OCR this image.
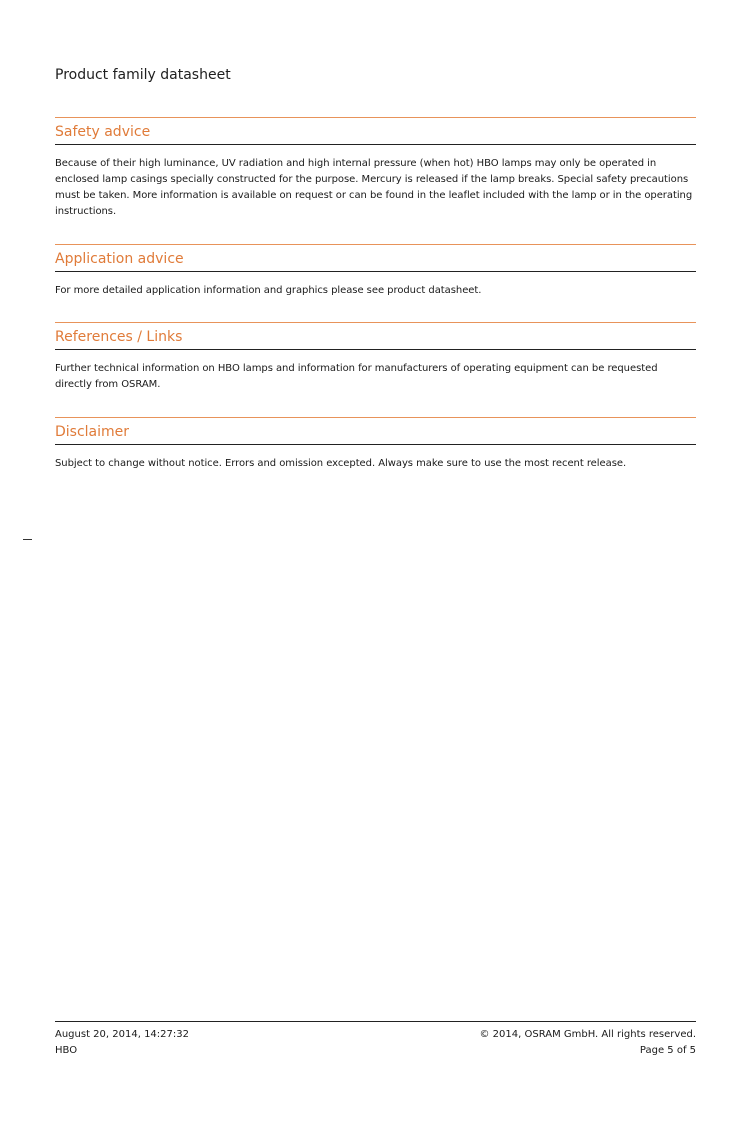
Product family datasheet
Safety advice
Because of their high luminance, UV radiation and high internal pressure (when hot) HBO lamps may only be operated in enclosed lamp casings specially constructed for the purpose. Mercury is released if the lamp breaks. Special safety precautions must be taken. More information is available on request or can be found in the leaflet included with the lamp or in the operating instructions.
Application advice
For more detailed application information and graphics please see product datasheet.
References / Links
Further technical information on HBO lamps and information for manufacturers of operating equipment can be requested directly from OSRAM.
Disclaimer
Subject to change without notice. Errors and omission excepted. Always make sure to use the most recent release.
August 20, 2014, 14:27:32
HBO
© 2014, OSRAM GmbH. All rights reserved.
Page 5 of 5
